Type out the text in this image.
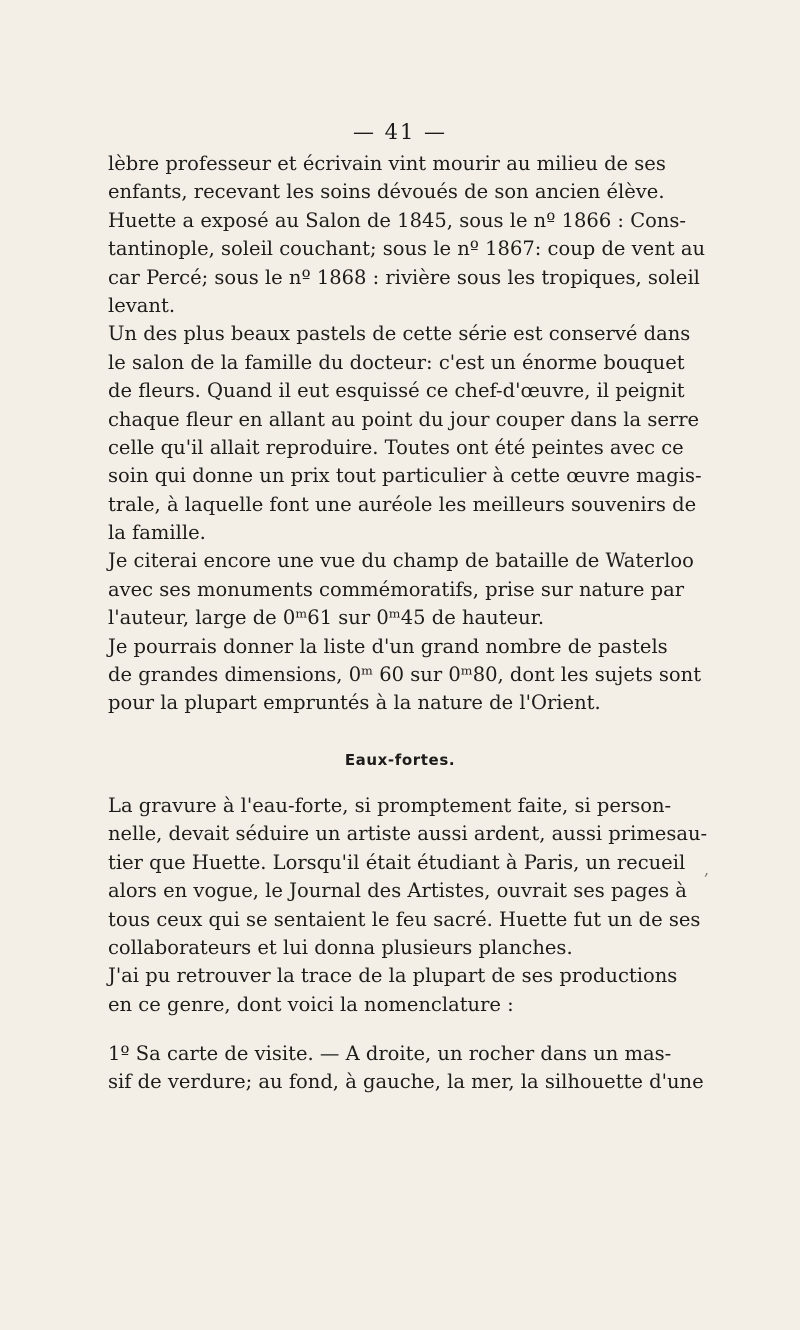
— 41 —
lèbre professeur et écrivain vint mourir au milieu de ses
enfants, recevant les soins dévoués de son ancien élève.
Huette a exposé au Salon de 1845, sous le nº 1866 : Cons-
tantinople, soleil couchant; sous le nº 1867: coup de vent au
car Percé; sous le nº 1868 : rivière sous les tropiques, soleil
levant.
Un des plus beaux pastels de cette série est conservé dans
le salon de la famille du docteur: c'est un énorme bouquet
de fleurs. Quand il eut esquissé ce chef-d'œuvre, il peignit
chaque fleur en allant au point du jour couper dans la serre
celle qu'il allait reproduire. Toutes ont été peintes avec ce
soin qui donne un prix tout particulier à cette œuvre magis-
trale, à laquelle font une auréole les meilleurs souvenirs de
la famille.
Je citerai encore une vue du champ de bataille de Waterloo
avec ses monuments commémoratifs, prise sur nature par
l'auteur, large de 0ᵐ61 sur 0ᵐ45 de hauteur.
Je pourrais donner la liste d'un grand nombre de pastels
de grandes dimensions, 0ᵐ 60 sur 0ᵐ80, dont les sujets sont
pour la plupart empruntés à la nature de l'Orient.
Eaux-fortes.
La gravure à l'eau-forte, si promptement faite, si person-
nelle, devait séduire un artiste aussi ardent, aussi primesau-
tier que Huette. Lorsqu'il était étudiant à Paris, un recueil
alors en vogue, le Journal des Artistes, ouvrait ses pages à
tous ceux qui se sentaient le feu sacré. Huette fut un de ses
collaborateurs et lui donna plusieurs planches.
J'ai pu retrouver la trace de la plupart de ses productions
en ce genre, dont voici la nomenclature :
1º Sa carte de visite. — A droite, un rocher dans un mas-
sif de verdure; au fond, à gauche, la mer, la silhouette d'une
,
